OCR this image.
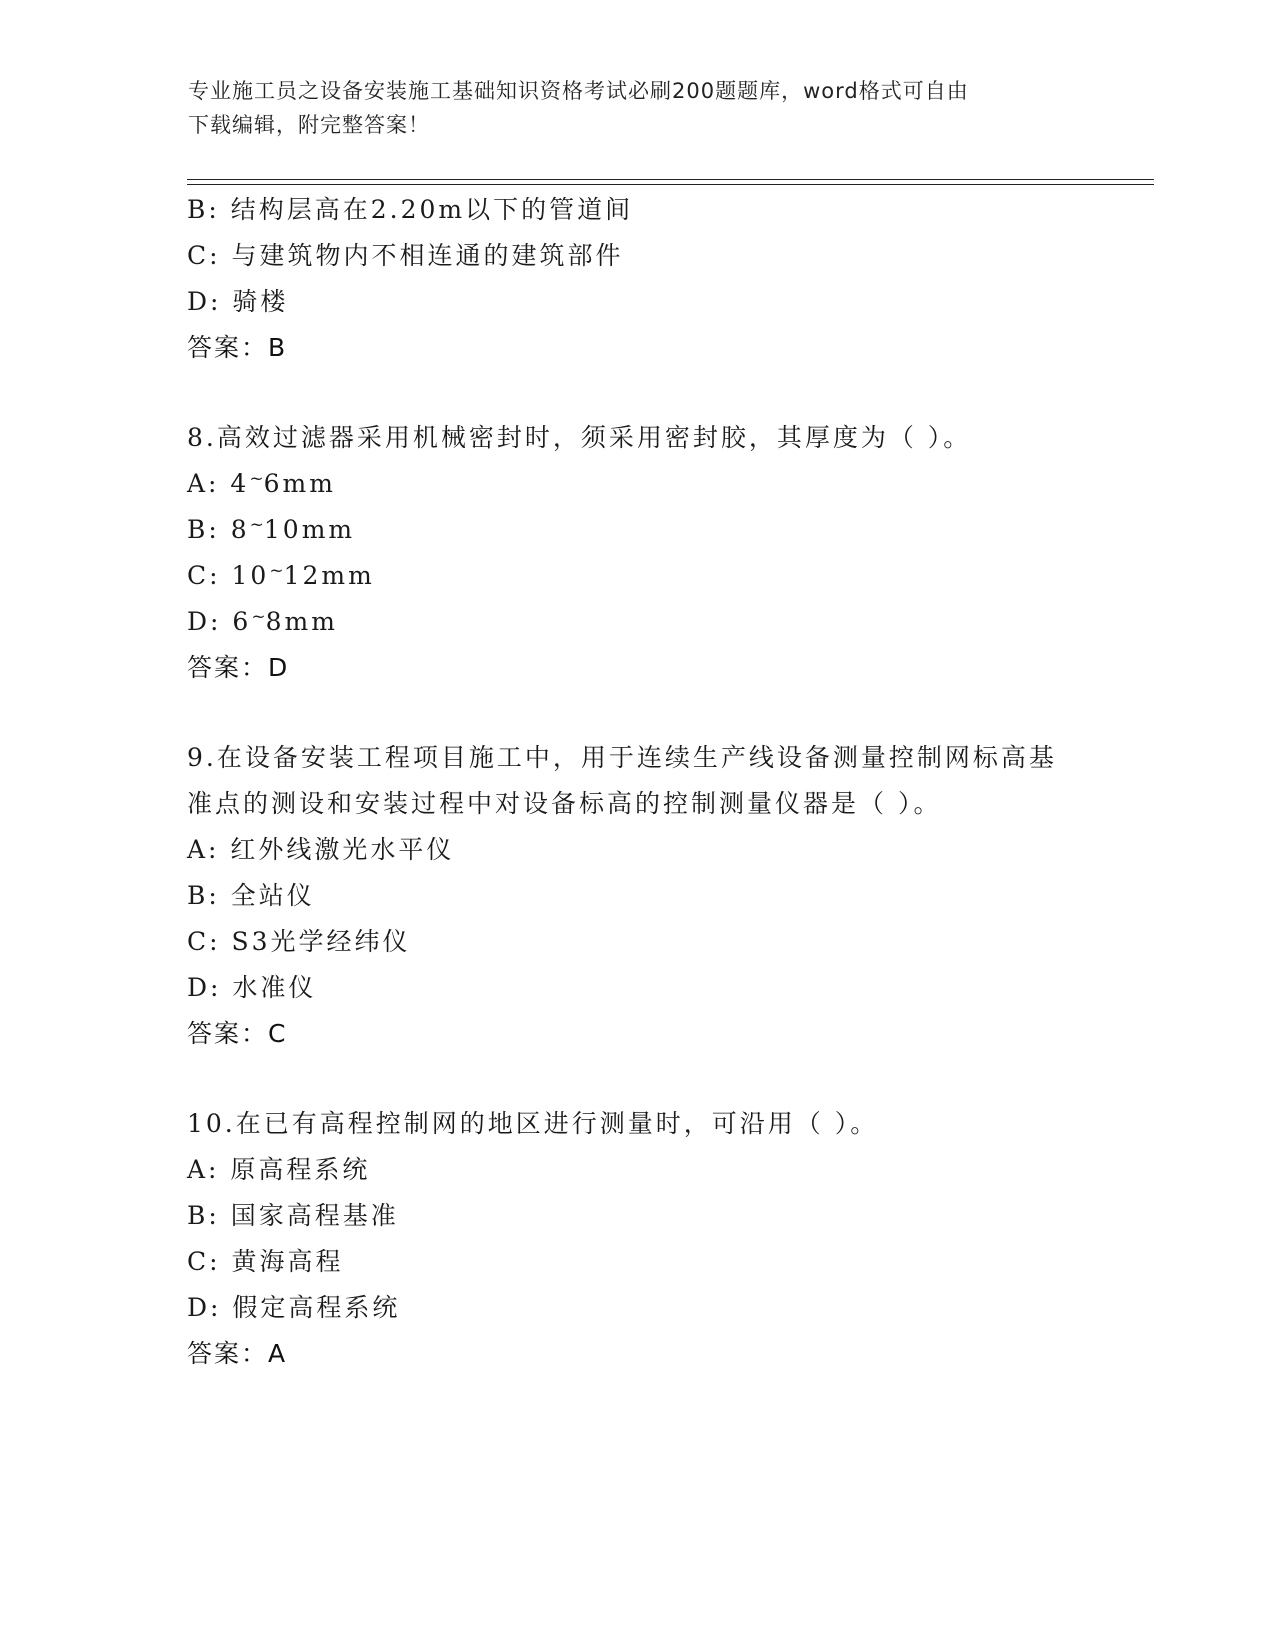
专业施工员之设备安装施工基础知识资格考试必刷200题题库，word格式可自由
下载编辑，附完整答案！
B: 结构层高在2.20m以下的管道间
C: 与建筑物内不相连通的建筑部件
D: 骑楼
答案：B
8.高效过滤器采用机械密封时，须采用密封胶，其厚度为（ ）。
A: 4~6mm
B: 8~10mm
C: 10~12mm
D: 6~8mm
答案：D
9.在设备安装工程项目施工中，用于连续生产线设备测量控制网标高基准点的测设和安装过程中对设备标高的控制测量仪器是（ ）。
A: 红外线激光水平仪
B: 全站仪
C: S3光学经纬仪
D: 水准仪
答案：C
10.在已有高程控制网的地区进行测量时，可沿用（ ）。
A: 原高程系统
B: 国家高程基准
C: 黄海高程
D: 假定高程系统
答案：A
